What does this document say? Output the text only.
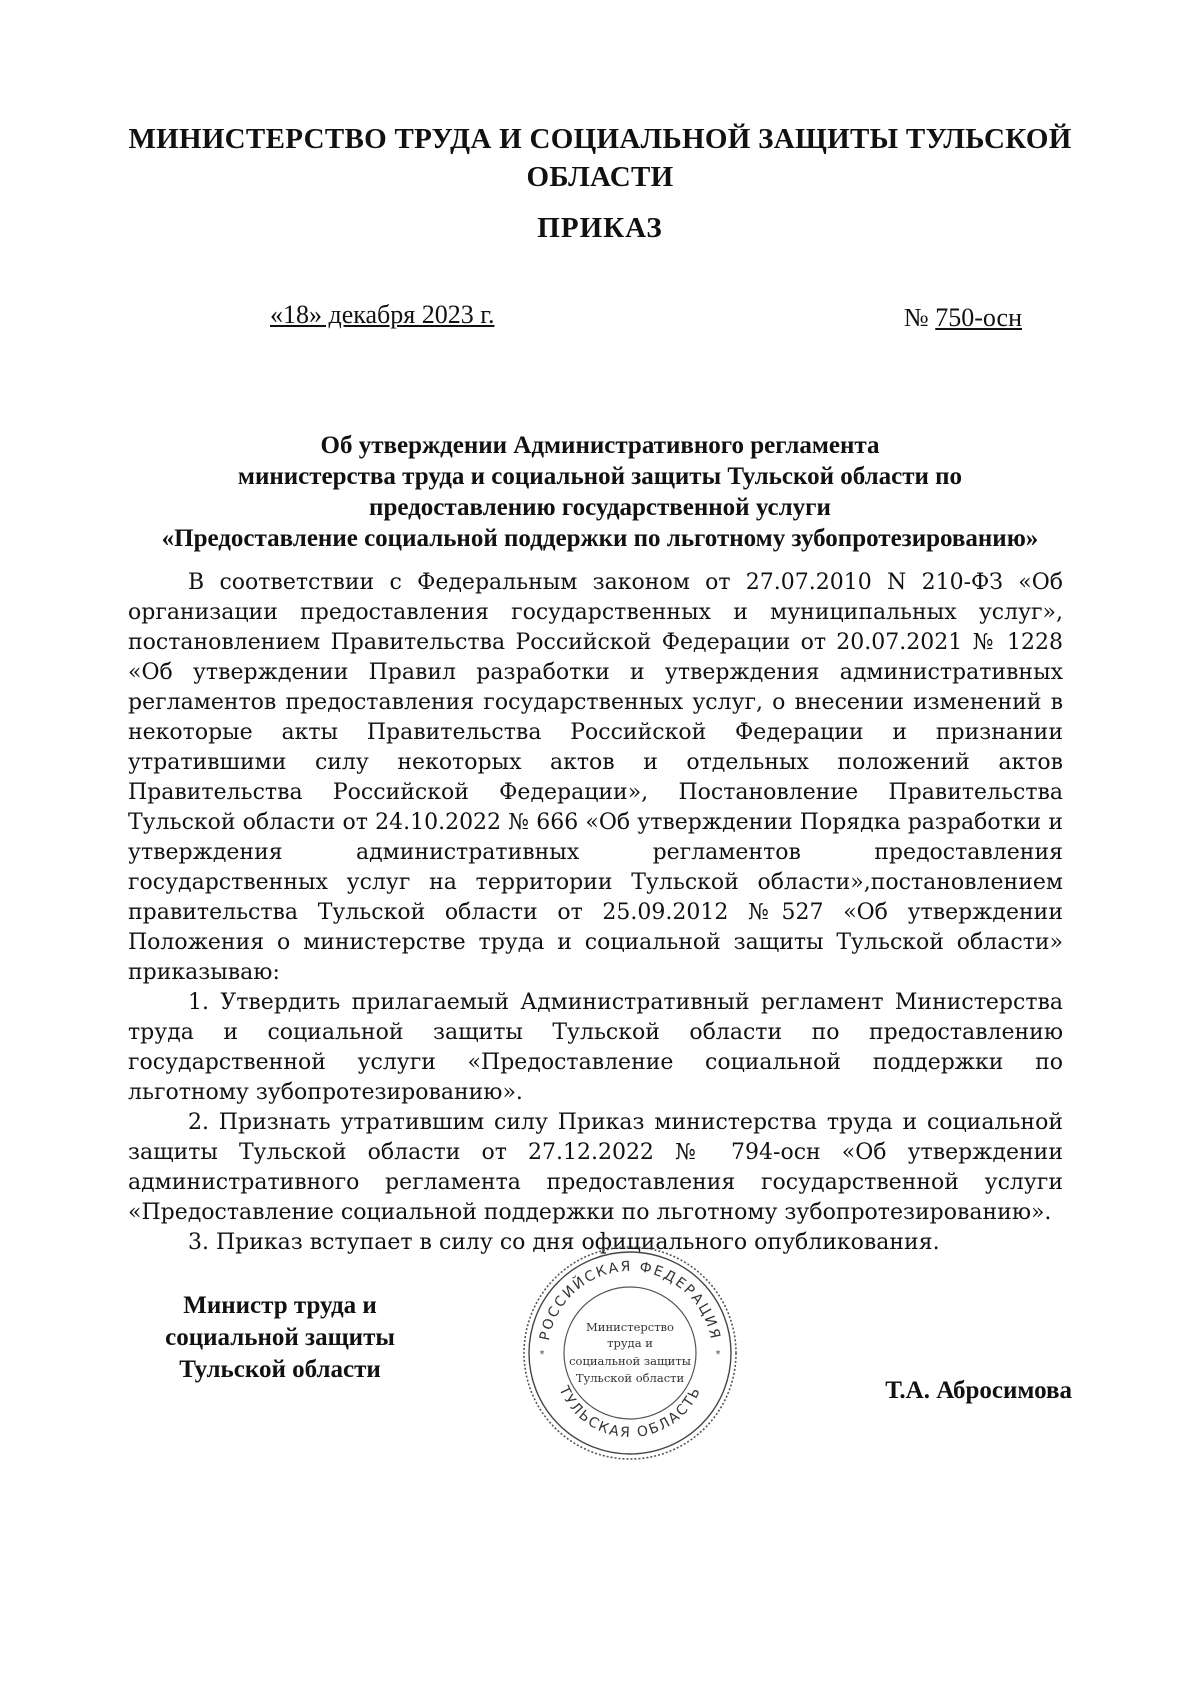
МИНИСТЕРСТВО ТРУДА И СОЦИАЛЬНОЙ ЗАЩИТЫ ТУЛЬСКОЙ
ОБЛАСТИ
ПРИКАЗ
«18» декабря 2023 г.	№ 750-осн
Об утверждении Административного регламента
министерства труда и социальной защиты Тульской области по
предоставлению государственной услуги
«Предоставление социальной поддержки по льготному зубопротезированию»

В соответствии с Федеральным законом от 27.07.2010 N 210-ФЗ «Об организации предоставления государственных и муниципальных услуг», постановлением Правительства Российской Федерации от 20.07.2021 № 1228 «Об утверждении Правил разработки и утверждения административных регламентов предоставления государственных услуг, о внесении изменений в некоторые акты Правительства Российской Федерации и признании утратившими силу некоторых актов и отдельных положений актов Правительства Российской Федерации», Постановление Правительства Тульской области от 24.10.2022 № 666 «Об утверждении Порядка разработки и утверждения административных регламентов предоставления государственных услуг на территории Тульской области»,постановлением правительства Тульской области от 25.09.2012 №527 «Об утверждении Положения о министерстве труда и социальной защиты Тульской области» приказываю:

1. Утвердить прилагаемый Административный регламент Министерства труда и социальной защиты Тульской области по предоставлению государственной услуги «Предоставление социальной поддержки по льготному зубопротезированию».

2. Признать утратившим силу Приказ министерства труда и социальной защиты Тульской области от 27.12.2022 № 794-осн «Об утверждении административного регламента предоставления государственной услуги «Предоставление социальной поддержки по льготному зубопротезированию».

3. Приказ вступает в силу со дня официального опубликования.

Министр труда и
социальной защиты
Тульской области
РОССИЙСКАЯ ФЕДЕРАЦИЯ
ТУЛЬСКАЯ ОБЛАСТЬ
*	*
Министерство
труда и
социальной защиты
Тульской области	Т.А. Абросимова
